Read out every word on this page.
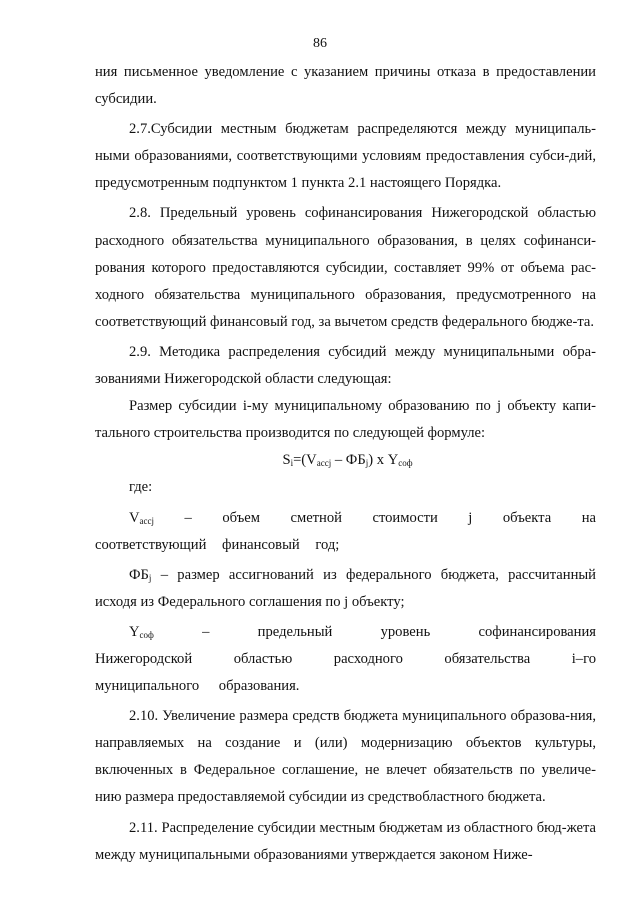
86

ния письменное уведомление с указанием причины отказа в предоставлении субсидии.

2.7.Субсидии местным бюджетам распределяются между муниципаль-ными образованиями, соответствующими условиям предоставления субси-дий, предусмотренным подпунктом 1 пункта 2.1 настоящего Порядка.

2.8. Предельный уровень софинансирования Нижегородской областью расходного обязательства муниципального образования, в целях софинанси-рования которого предоставляются субсидии, составляет 99% от объема рас-ходного обязательства муниципального образования, предусмотренного на соответствующий финансовый год, за вычетом средств федерального бюдже-та.

2.9. Методика распределения субсидий между муниципальными обра-зованиями Нижегородской области следующая:

Размер субсидии i-му муниципальному образованию по j объекту капи-тального строительства производится по следующей формуле:

$S_i=(V_{accj} - ФБ_j)$ х $Y_{соф}$

где:

$V_{accj}$ – объем сметной стоимости j объекта на соответствующий финансовый год;

$ФБ_j$ – размер ассигнований из федерального бюджета, рассчитанный исходя из Федерального соглашения по j объекту;

$Y_{соф}$ – предельный уровень софинансирования Нижегородской областью расходного обязательства i–го муниципального образования.

2.10. Увеличение размера средств бюджета муниципального образова-ния, направляемых на создание и (или) модернизацию объектов культуры, включенных в Федеральное соглашение, не влечет обязательств по увеличе-нию размера предоставляемой субсидии из средствобластного бюджета.

2.11. Распределение субсидии местным бюджетам из областного бюд-жета между муниципальными образованиями утверждается законом Ниже-
